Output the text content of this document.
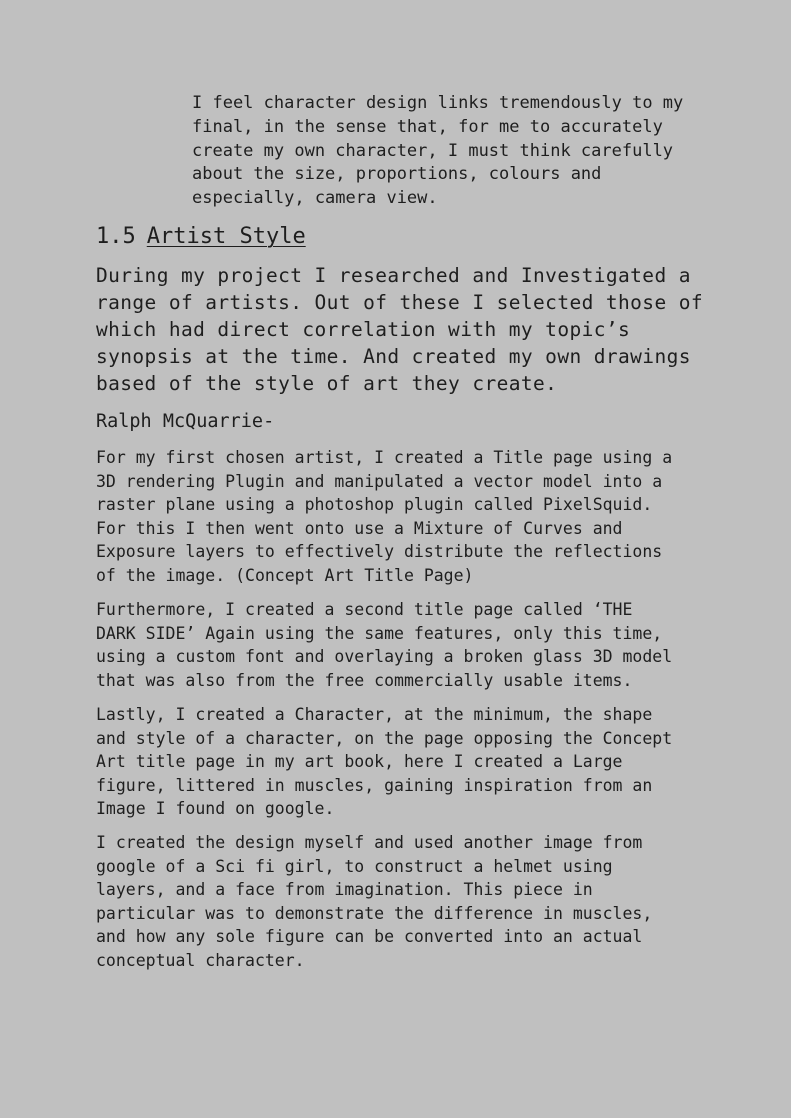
I feel character design links tremendously to my
final, in the sense that, for me to accurately
create my own character, I must think carefully
about the size, proportions, colours and
especially, camera view.

1.5 Artist Style

During my project I researched and Investigated a
range of artists. Out of these I selected those of
which had direct correlation with my topic’s
synopsis at the time. And created my own drawings
based of the style of art they create.

Ralph McQuarrie-

For my first chosen artist, I created a Title page using a
3D rendering Plugin and manipulated a vector model into a
raster plane using a photoshop plugin called PixelSquid.
For this I then went onto use a Mixture of Curves and
Exposure layers to effectively distribute the reflections
of the image. (Concept Art Title Page)

Furthermore, I created a second title page called ‘THE
DARK SIDE’ Again using the same features, only this time,
using a custom font and overlaying a broken glass 3D model
that was also from the free commercially usable items.

Lastly, I created a Character, at the minimum, the shape
and style of a character, on the page opposing the Concept
Art title page in my art book, here I created a Large
figure, littered in muscles, gaining inspiration from an
Image I found on google.

I created the design myself and used another image from
google of a Sci fi girl, to construct a helmet using
layers, and a face from imagination. This piece in
particular was to demonstrate the difference in muscles,
and how any sole figure can be converted into an actual
conceptual character.
